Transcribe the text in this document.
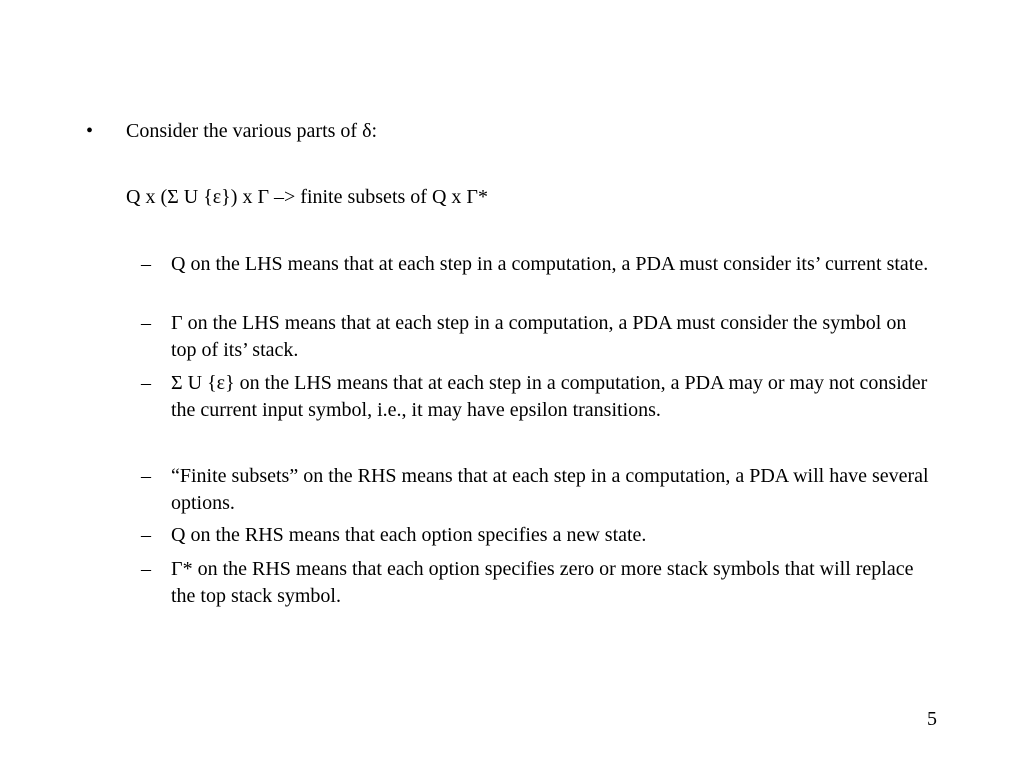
• Consider the various parts of δ:
Q x (Σ U {ε}) x Γ –> finite subsets of Q x Γ*
– Q on the LHS means that at each step in a computation, a PDA must consider its’ current state.
– Γ on the LHS means that at each step in a computation, a PDA must consider the symbol on top of its’ stack.
– Σ U {ε} on the LHS means that at each step in a computation, a PDA may or may not consider the current input symbol, i.e., it may have epsilon transitions.
– “Finite subsets” on the RHS means that at each step in a computation, a PDA will have several options.
– Q on the RHS means that each option specifies a new state.
– Γ* on the RHS means that each option specifies zero or more stack symbols that will replace the top stack symbol.
5
